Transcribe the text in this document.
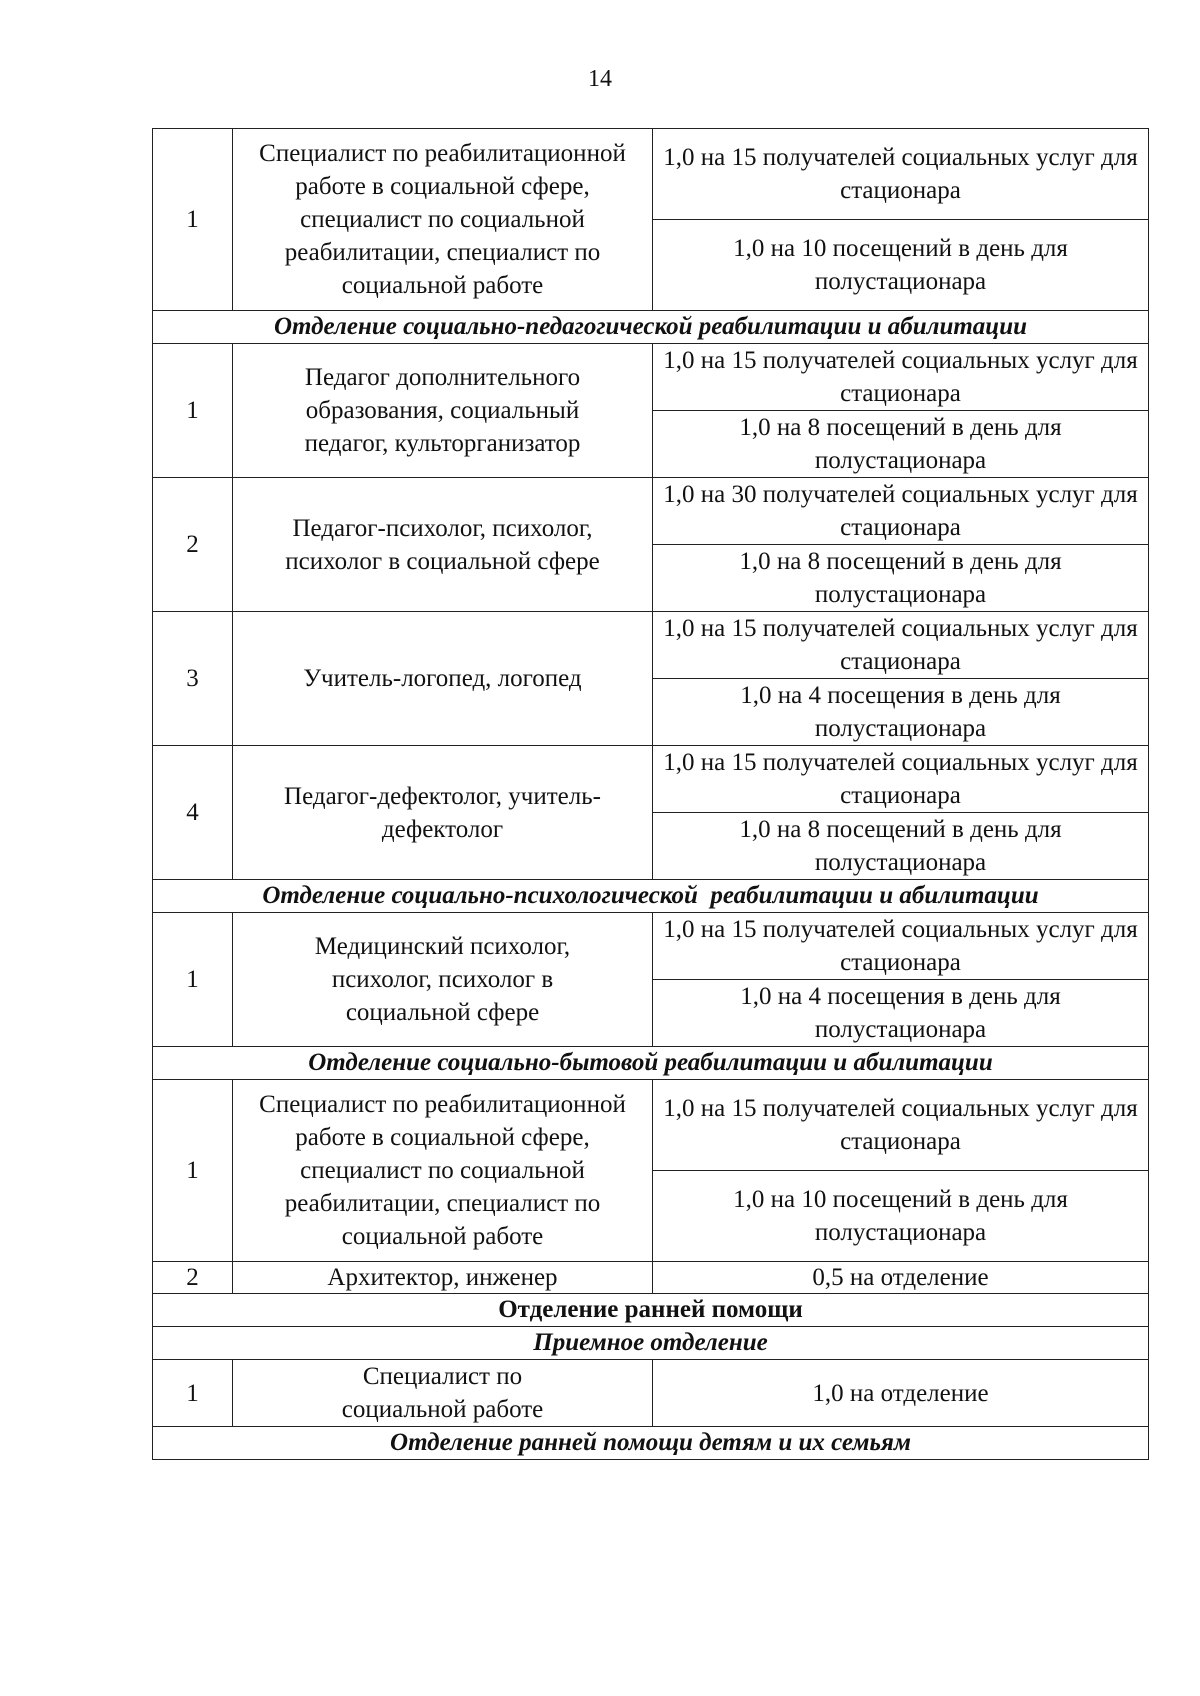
14
1	Специалист по реабилитационной работе в социальной сфере, специалист по социальной реабилитации, специалист по социальной работе	1,0 на 15 получателей социальных услуг для стационара
		1,0 на 10 посещений в день для полустационара
Отделение социально-педагогической реабилитации и абилитации		
1	Педагог дополнительного образования, социальный педагог, культорганизатор	1,0 на 15 получателей социальных услуг для стационара
		1,0 на 8 посещений в день для полустационара
2	Педагог-психолог, психолог, психолог в социальной сфере	1,0 на 30 получателей социальных услуг для стационара
		1,0 на 8 посещений в день для полустационара
3	Учитель-логопед, логопед	1,0 на 15 получателей социальных услуг для стационара
		1,0 на 4 посещения в день для полустационара
4	Педагог-дефектолог, учитель-дефектолог	1,0 на 15 получателей социальных услуг для стационара
		1,0 на 8 посещений в день для полустационара
Отделение социально-психологической  реабилитации и абилитации		
1	Медицинский психолог, психолог, психолог в социальной сфере	1,0 на 15 получателей социальных услуг для стационара
		1,0 на 4 посещения в день для полустационара
Отделение социально-бытовой реабилитации и абилитации		
1	Специалист по реабилитационной работе в социальной сфере, специалист по социальной реабилитации, специалист по социальной работе	1,0 на 15 получателей социальных услуг для стационара
		1,0 на 10 посещений в день для полустационара
2	Архитектор, инженер	0,5 на отделение
Отделение ранней помощи		
Приемное отделение		
1	Специалист по социальной работе	1,0 на отделение
Отделение ранней помощи детям и их семьям		
